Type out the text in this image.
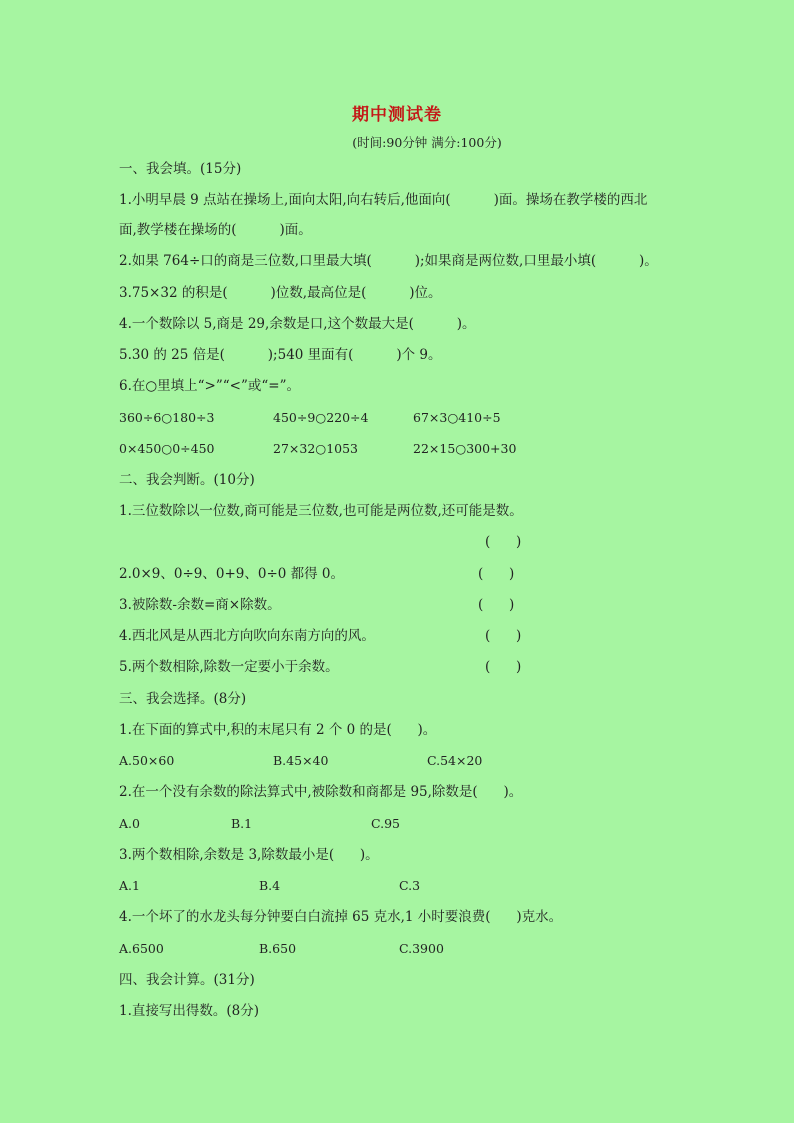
期中测试卷
(时间:90分钟 满分:100分)
一、我会填。(15分)
1.小明早晨 9 点站在操场上,面向太阳,向右转后,他面向(          )面。操场在教学楼的西北
面,教学楼在操场的(          )面。
2.如果 764÷口的商是三位数,口里最大填(          );如果商是两位数,口里最小填(          )。
3.75×32 的积是(          )位数,最高位是(          )位。
4.一个数除以 5,商是 29,余数是口,这个数最大是(          )。
5.30 的 25 倍是(          );540 里面有(          )个 9。
6.在○里填上“>”“<”或“=”。
360÷6○180÷3	450÷9○220÷4	67×3○410÷5
0×450○0÷450	27×32○1053	22×15○300+30
二、我会判断。(10分)
1.三位数除以一位数,商可能是三位数,也可能是两位数,还可能是数。
(      )
2.0×9、0÷9、0+9、0÷0 都得 0。	(      )
3.被除数-余数=商×除数。	(      )
4.西北风是从西北方向吹向东南方向的风。	(      )
5.两个数相除,除数一定要小于余数。	(      )
三、我会选择。(8分)
1.在下面的算式中,积的末尾只有 2 个 0 的是(      )。
A.50×60	B.45×40	C.54×20
2.在一个没有余数的除法算式中,被除数和商都是 95,除数是(      )。
A.0	B.1	C.95
3.两个数相除,余数是 3,除数最小是(      )。
A.1	B.4	C.3
4.一个坏了的水龙头每分钟要白白流掉 65 克水,1 小时要浪费(      )克水。
A.6500	B.650	C.3900
四、我会计算。(31分)
1.直接写出得数。(8分)
